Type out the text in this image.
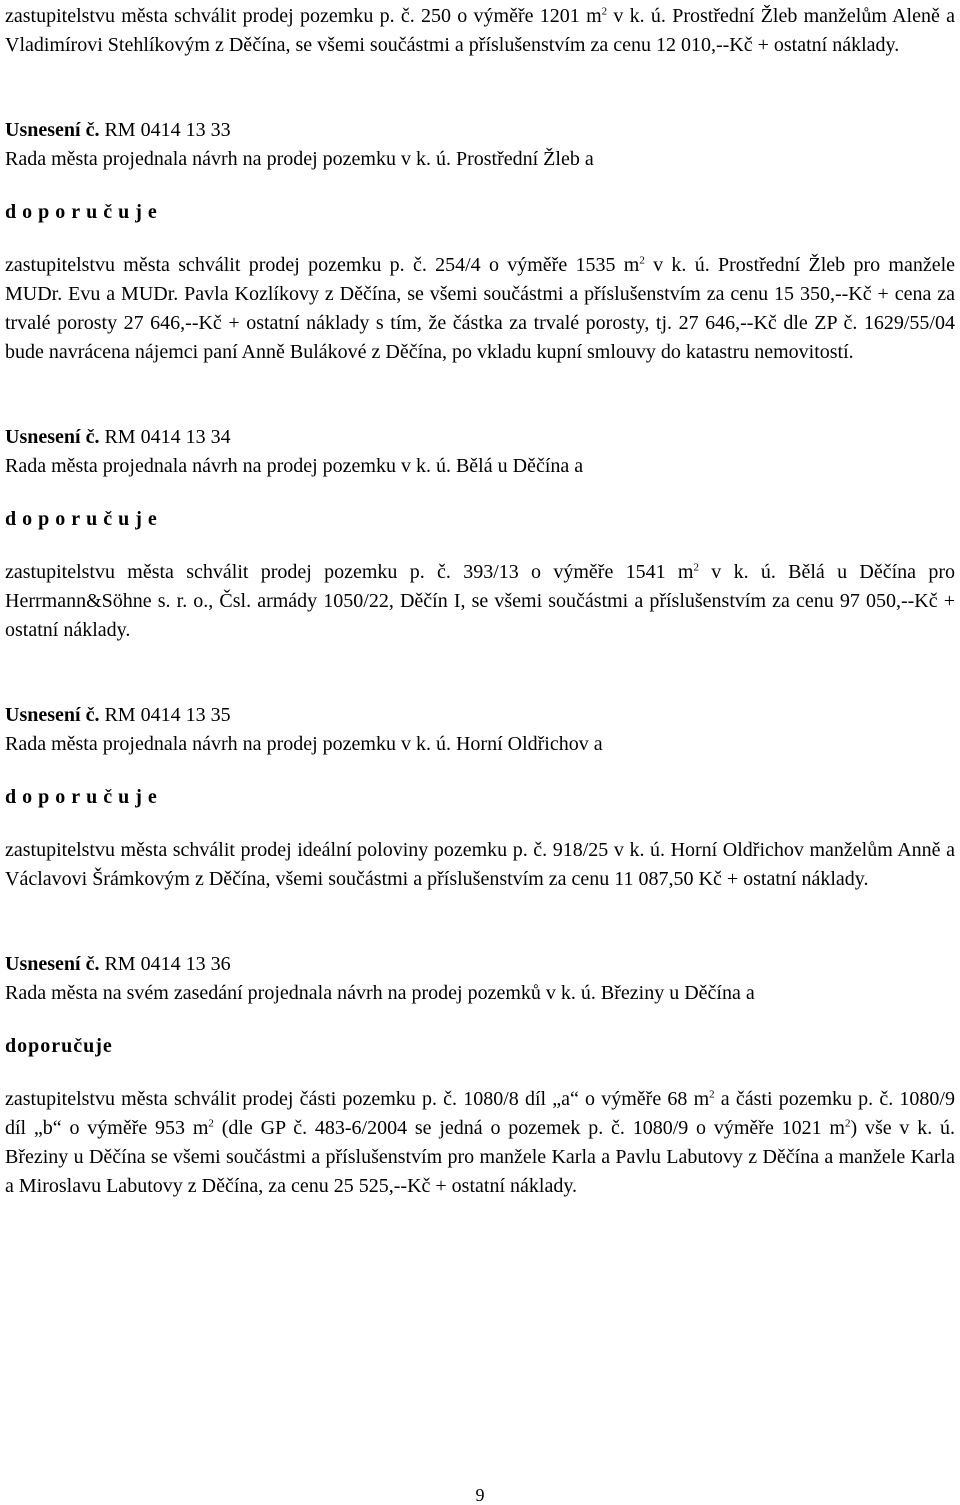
zastupitelstvu města schválit prodej pozemku p. č. 250 o výměře 1201 $m^2$ v k. ú. Prostřední Žleb manželům Aleně a Vladimírovi Stehlíkovým z Děčína, se všemi součástmi a příslušenstvím za cenu 12 010,--Kč + ostatní náklady.

Usnesení č. RM 0414 13 33

Rada města projednala návrh na prodej pozemku v k. ú. Prostřední Žleb a

doporučuje

zastupitelstvu města schválit prodej pozemku p. č. 254/4 o výměře 1535 $m^2$ v k. ú. Prostřední Žleb pro manžele MUDr. Evu a MUDr. Pavla Kozlíkovy z Děčína, se všemi součástmi a příslušenstvím za cenu 15 350,--Kč + cena za trvalé porosty 27 646,--Kč + ostatní náklady s tím, že částka za trvalé porosty, tj. 27 646,--Kč dle ZP č. 1629/55/04 bude navrácena nájemci paní Anně Bulákové z Děčína, po vkladu kupní smlouvy do katastru nemovitostí.

Usnesení č. RM 0414 13 34

Rada města projednala návrh na prodej pozemku v k. ú. Bělá u Děčína a

doporučuje

zastupitelstvu města schválit prodej pozemku p. č. 393/13 o výměře 1541 $m^2$ v k. ú. Bělá u Děčína pro Herrmann&Söhne s. r. o., Čsl. armády 1050/22, Děčín I, se všemi součástmi a příslušenstvím za cenu 97 050,--Kč + ostatní náklady.

Usnesení č. RM 0414 13 35

Rada města projednala návrh na prodej pozemku v k. ú. Horní Oldřichov a

doporučuje

zastupitelstvu města schválit prodej ideální poloviny pozemku p. č. 918/25 v k. ú. Horní Oldřichov manželům Anně a Václavovi Šrámkovým z Děčína, všemi součástmi a příslušenstvím za cenu 11 087,50 Kč + ostatní náklady.

Usnesení č. RM 0414 13 36

Rada města na svém zasedání projednala návrh na prodej pozemků v k. ú. Březiny u Děčína a

doporučuje

zastupitelstvu města schválit prodej části pozemku p. č. 1080/8 díl „a“ o výměře 68 $m^2$ a části pozemku p. č. 1080/9 díl „b“ o výměře 953 $m^2$ (dle GP č. 483-6/2004 se jedná o pozemek p. č. 1080/9 o výměře 1021 $m^2$) vše v k. ú. Březiny u Děčína se všemi součástmi a příslušenstvím pro manžele Karla a Pavlu Labutovy z Děčína a manžele Karla a Miroslavu Labutovy z Děčína, za cenu 25 525,--Kč + ostatní náklady.

9
